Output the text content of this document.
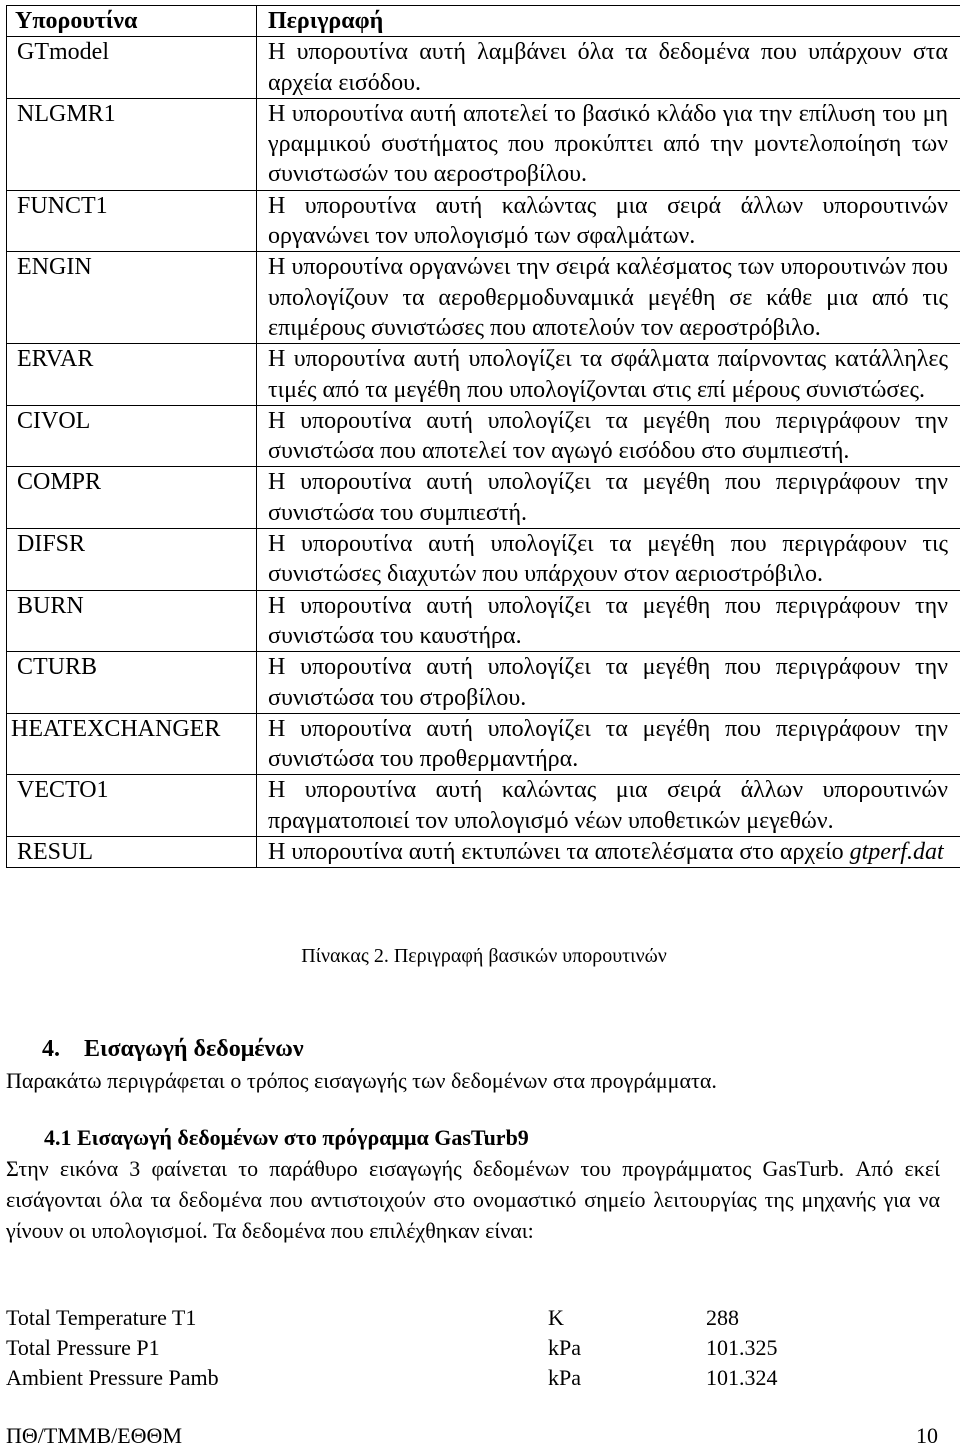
Υπορουτίνα	Περιγραφή
GTmodel	Η υπορουτίνα αυτή λαμβάνει όλα τα δεδομένα που υπάρχουν στα αρχεία εισόδου.
NLGMR1	Η υπορουτίνα αυτή αποτελεί το βασικό κλάδο για την επίλυση του μη γραμμικού συστήματος που προκύπτει από την μοντελοποίηση των συνιστωσών του αεροστροβίλου.
FUNCT1	Η υπορουτίνα αυτή καλώντας μια σειρά άλλων υπορουτινών οργανώνει τον υπολογισμό των σφαλμάτων.
ENGIN	Η υπορουτίνα οργανώνει την σειρά καλέσματος των υπορουτινών που υπολογίζουν τα αεροθερμοδυναμικά μεγέθη σε κάθε μια από τις επιμέρους συνιστώσες που αποτελούν τον αεροστρόβιλο.
ERVAR	Η υπορουτίνα αυτή υπολογίζει τα σφάλματα παίρνοντας κατάλληλες τιμές από τα μεγέθη που υπολογίζονται στις επί μέρους συνιστώσες.
CIVOL	Η υπορουτίνα αυτή υπολογίζει τα μεγέθη που περιγράφουν την συνιστώσα που αποτελεί τον αγωγό εισόδου στο συμπιεστή.
COMPR	Η υπορουτίνα αυτή υπολογίζει τα μεγέθη που περιγράφουν την συνιστώσα του συμπιεστή.
DIFSR	Η υπορουτίνα αυτή υπολογίζει τα μεγέθη που περιγράφουν τις συνιστώσες διαχυτών που υπάρχουν στον αεριοστρόβιλο.
BURN	Η υπορουτίνα αυτή υπολογίζει τα μεγέθη που περιγράφουν την συνιστώσα του καυστήρα.
CTURB	Η υπορουτίνα αυτή υπολογίζει τα μεγέθη που περιγράφουν την συνιστώσα του στροβίλου.
HEATEXCHANGER	Η υπορουτίνα αυτή υπολογίζει τα μεγέθη που περιγράφουν την συνιστώσα του προθερμαντήρα.
VECTO1	Η υπορουτίνα αυτή καλώντας μια σειρά άλλων υπορουτινών πραγματοποιεί τον υπολογισμό νέων υποθετικών μεγεθών.
RESUL	Η υπορουτίνα αυτή εκτυπώνει τα αποτελέσματα στο αρχείο gtperf.dat
Πίνακας 2. Περιγραφή βασικών υπορουτινών
4. Εισαγωγή δεδομένων
Παρακάτω περιγράφεται ο τρόπος εισαγωγής των δεδομένων στα προγράμματα.
4.1 Εισαγωγή δεδομένων στο πρόγραμμα GasTurb9
Στην εικόνα 3 φαίνεται το παράθυρο εισαγωγής δεδομένων του προγράμματος GasTurb. Από εκεί εισάγονται όλα τα δεδομένα που αντιστοιχούν στο ονομαστικό σημείο λειτουργίας της μηχανής για να γίνουν οι υπολογισμοί. Τα δεδομένα που επιλέχθηκαν είναι:
Total Temperature T1	K	288
Total Pressure P1	kPa	101.325
Ambient Pressure Pamb	kPa	101.324
ΠΘ/ΤΜΜΒ/ΕΘΘΜ	10
